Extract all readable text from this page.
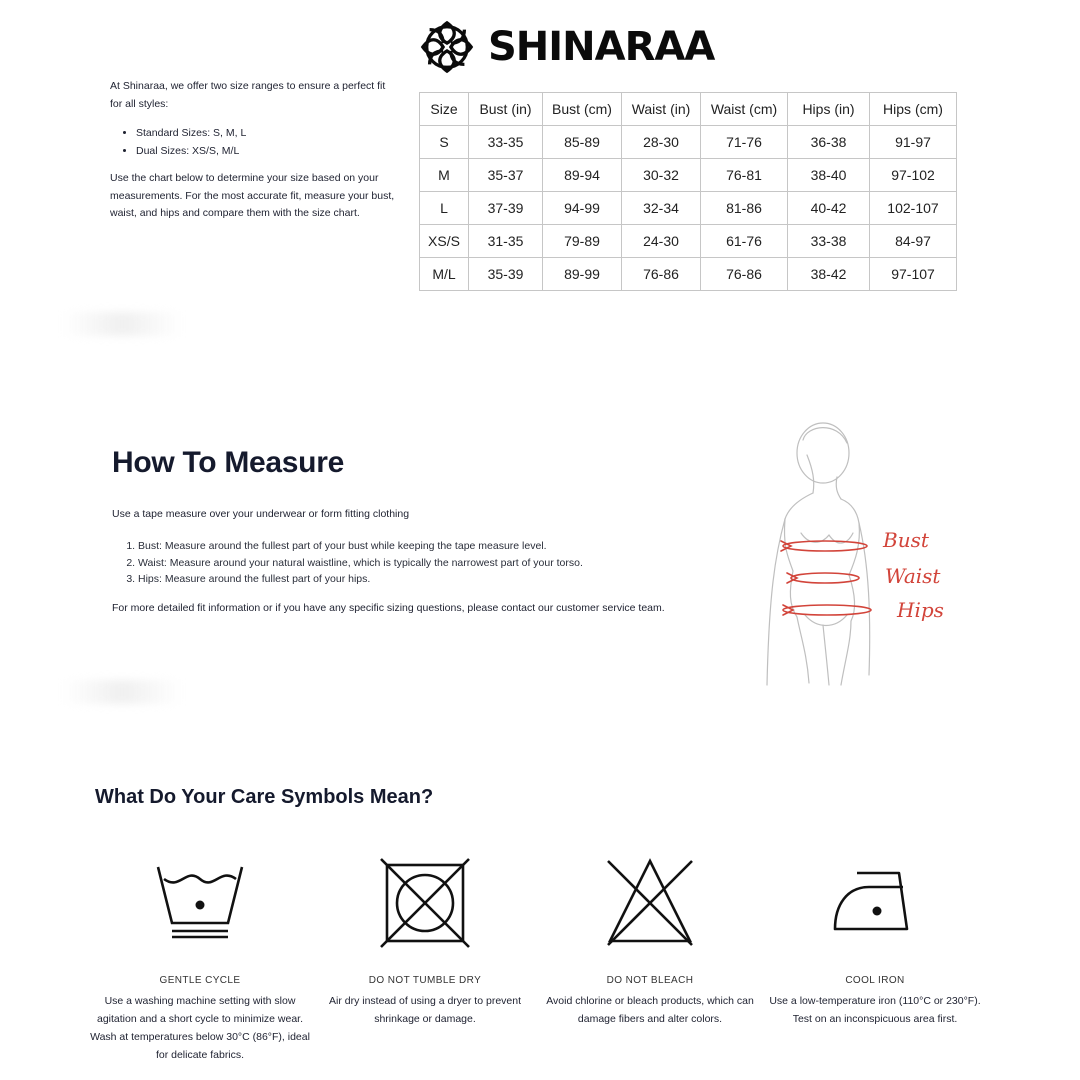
SHINARAA

At Shinaraa, we offer two size ranges to ensure a perfect fit for all styles:

• Standard Sizes: S, M, L
• Dual Sizes: XS/S, M/L

Use the chart below to determine your size based on your measurements. For the most accurate fit, measure your bust, waist, and hips and compare them with the size chart.

Size	Bust (in)	Bust (cm)	Waist (in)	Waist (cm)	Hips (in)	Hips (cm)
S	33-35	85-89	28-30	71-76	36-38	91-97
M	35-37	89-94	30-32	76-81	38-40	97-102
L	37-39	94-99	32-34	81-86	40-42	102-107
XS/S	31-35	79-89	24-30	61-76	33-38	84-97
M/L	35-39	89-99	76-86	76-86	38-42	97-107
How To Measure

Use a tape measure over your underwear or form fitting clothing

1. Bust: Measure around the fullest part of your bust while keeping the tape measure level.
2. Waist: Measure around your natural waistline, which is typically the narrowest part of your torso.
3. Hips: Measure around the fullest part of your hips.

For more detailed fit information or if you have any specific sizing questions, please contact our customer service team.

Bust
Waist
Hips
What Do Your Care Symbols Mean?
GENTLE CYCLE
Use a washing machine setting with slow agitation and a short cycle to minimize wear. Wash at temperatures below 30°C (86°F), ideal for delicate fabrics.
DO NOT TUMBLE DRY
Air dry instead of using a dryer to prevent shrinkage or damage.
DO NOT BLEACH
Avoid chlorine or bleach products, which can damage fibers and alter colors.
COOL IRON
Use a low-temperature iron (110°C or 230°F). Test on an inconspicuous area first.
